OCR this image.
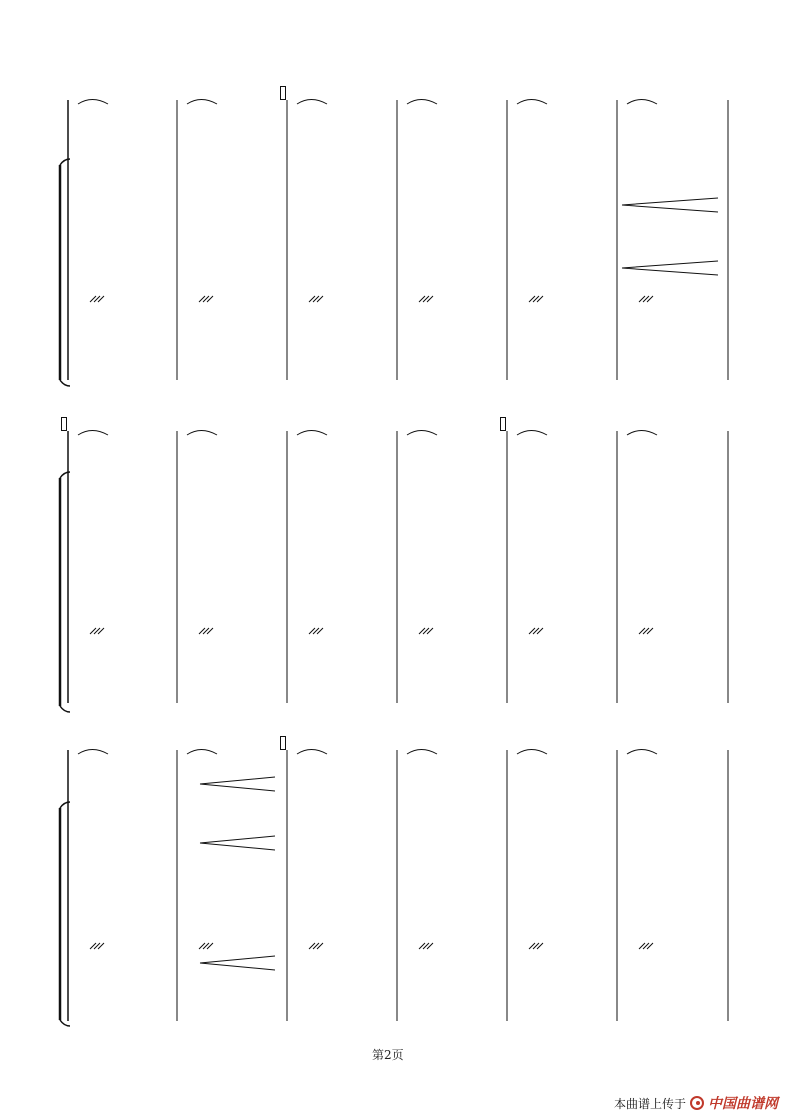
第2页
本曲谱上传于 中国曲谱网
